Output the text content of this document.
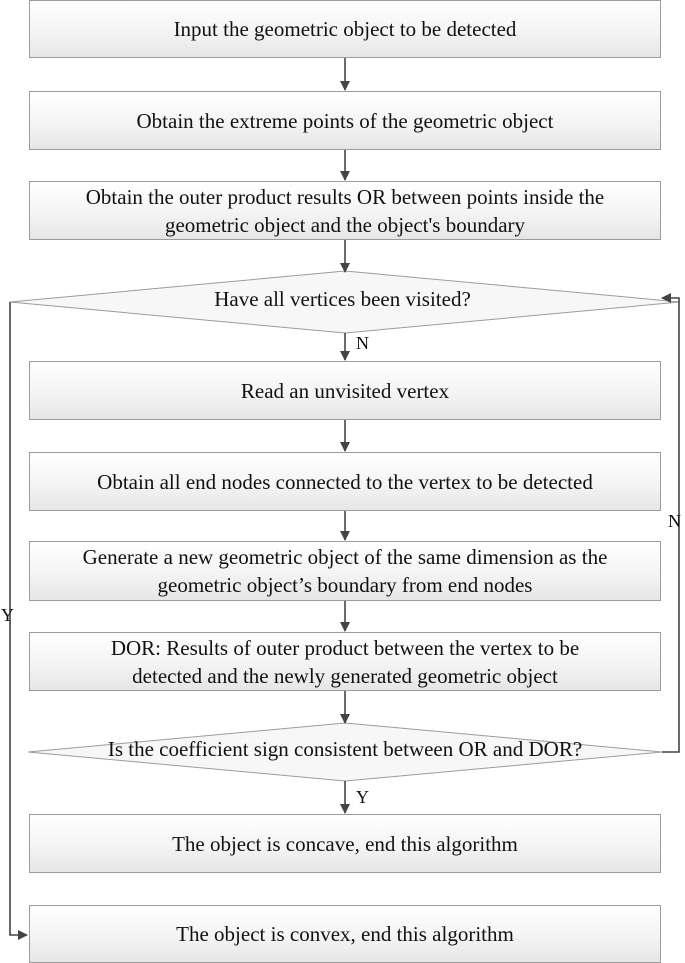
Input the geometric object to be detected
Obtain the extreme points of the geometric object
Obtain the outer product results OR between points inside the
geometric object and the object's boundary
Have all vertices been visited?
Read an unvisited vertex
Obtain all end nodes connected to the vertex to be detected
Generate a new geometric object of the same dimension as the
geometric object’s boundary from end nodes
DOR: Results of outer product between the vertex to be
detected and the newly generated geometric object
Is the coefficient sign consistent between OR and DOR?
The object is concave, end this algorithm
The object is convex, end this algorithm
N
Y
N
Y
